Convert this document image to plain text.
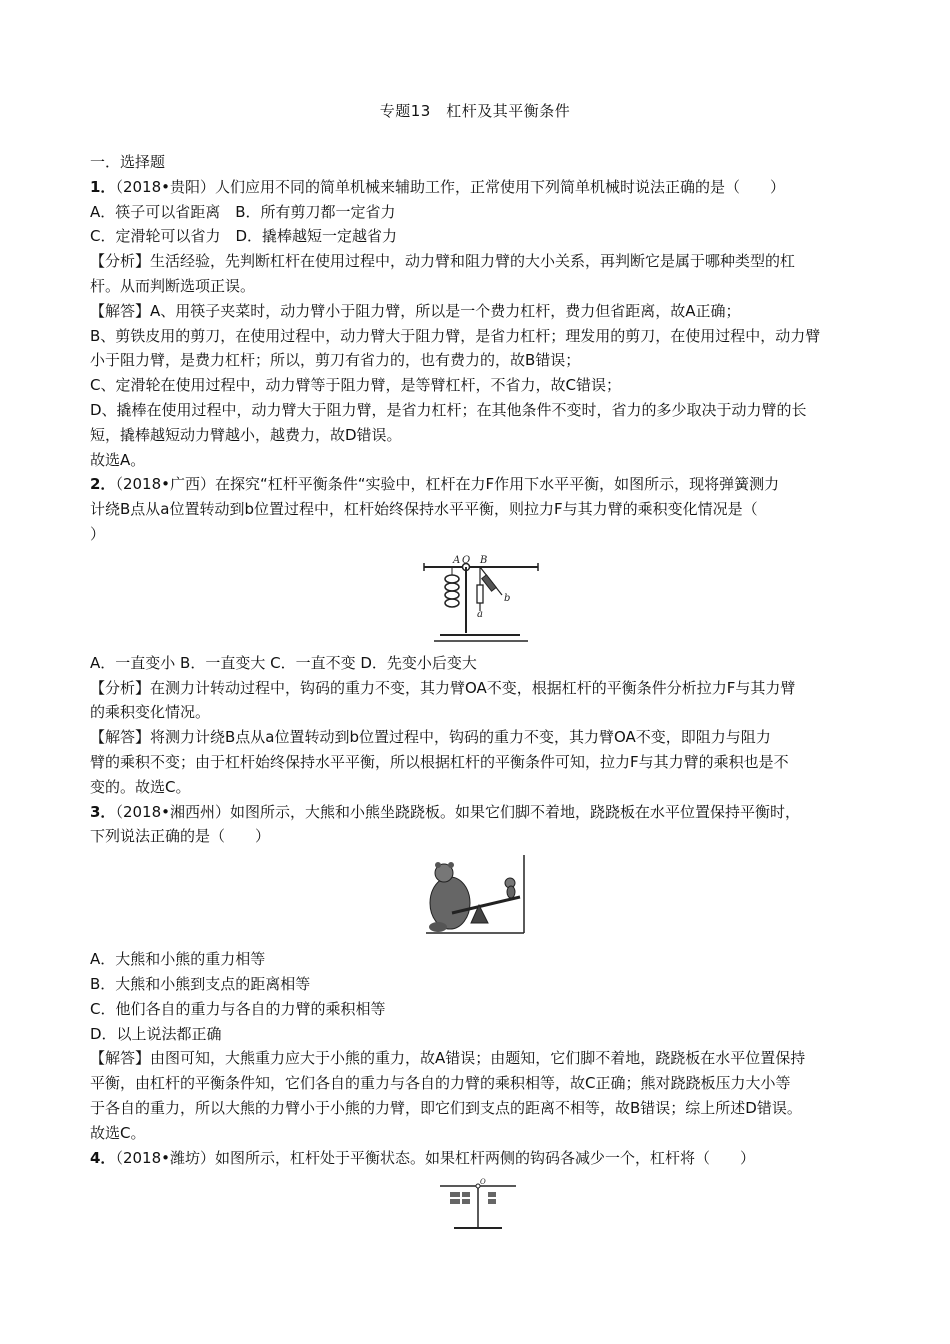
专题13　杠杆及其平衡条件
一．选择题
1．（2018•贵阳）人们应用不同的简单机械来辅助工作，正常使用下列简单机械时说法正确的是（　　）
A．筷子可以省距离　B．所有剪刀都一定省力
C．定滑轮可以省力　D．撬棒越短一定越省力
【分析】生活经验，先判断杠杆在使用过程中，动力臂和阻力臂的大小关系，再判断它是属于哪种类型的杠
杆。从而判断选项正误。
【解答】A、用筷子夹菜时，动力臂小于阻力臂，所以是一个费力杠杆，费力但省距离，故A正确；
B、剪铁皮用的剪刀，在使用过程中，动力臂大于阻力臂，是省力杠杆；理发用的剪刀，在使用过程中，动力臂
小于阻力臂，是费力杠杆；所以，剪刀有省力的，也有费力的，故B错误；
C、定滑轮在使用过程中，动力臂等于阻力臂，是等臂杠杆，不省力，故C错误；
D、撬棒在使用过程中，动力臂大于阻力臂，是省力杠杆；在其他条件不变时，省力的多少取决于动力臂的长
短，撬棒越短动力臂越小，越费力，故D错误。
故选A。
2．（2018•广西）在探究“杠杆平衡条件“实验中，杠杆在力F作用下水平平衡，如图所示，现将弹簧测力
计绕B点从a位置转动到b位置过程中，杠杆始终保持水平平衡，则拉力F与其力臂的乘积变化情况是（
）
A O B
a
b
A．一直变小 B．一直变大 C．一直不变 D．先变小后变大
【分析】在测力计转动过程中，钩码的重力不变，其力臂OA不变，根据杠杆的平衡条件分析拉力F与其力臂
的乘积变化情况。
【解答】将测力计绕B点从a位置转动到b位置过程中，钩码的重力不变，其力臂OA不变，即阻力与阻力
臂的乘积不变；由于杠杆始终保持水平平衡，所以根据杠杆的平衡条件可知，拉力F与其力臂的乘积也是不
变的。故选C。
3．（2018•湘西州）如图所示，大熊和小熊坐跷跷板。如果它们脚不着地，跷跷板在水平位置保持平衡时，
下列说法正确的是（　　）
A．大熊和小熊的重力相等
B．大熊和小熊到支点的距离相等
C．他们各自的重力与各自的力臂的乘积相等
D．以上说法都正确
【解答】由图可知，大熊重力应大于小熊的重力，故A错误；由题知，它们脚不着地，跷跷板在水平位置保持
平衡，由杠杆的平衡条件知，它们各自的重力与各自的力臂的乘积相等，故C正确；熊对跷跷板压力大小等
于各自的重力，所以大熊的力臂小于小熊的力臂，即它们到支点的距离不相等，故B错误；综上所述D错误。
故选C。
4．（2018•潍坊）如图所示，杠杆处于平衡状态。如果杠杆两侧的钩码各减少一个，杠杆将（　　）
O
